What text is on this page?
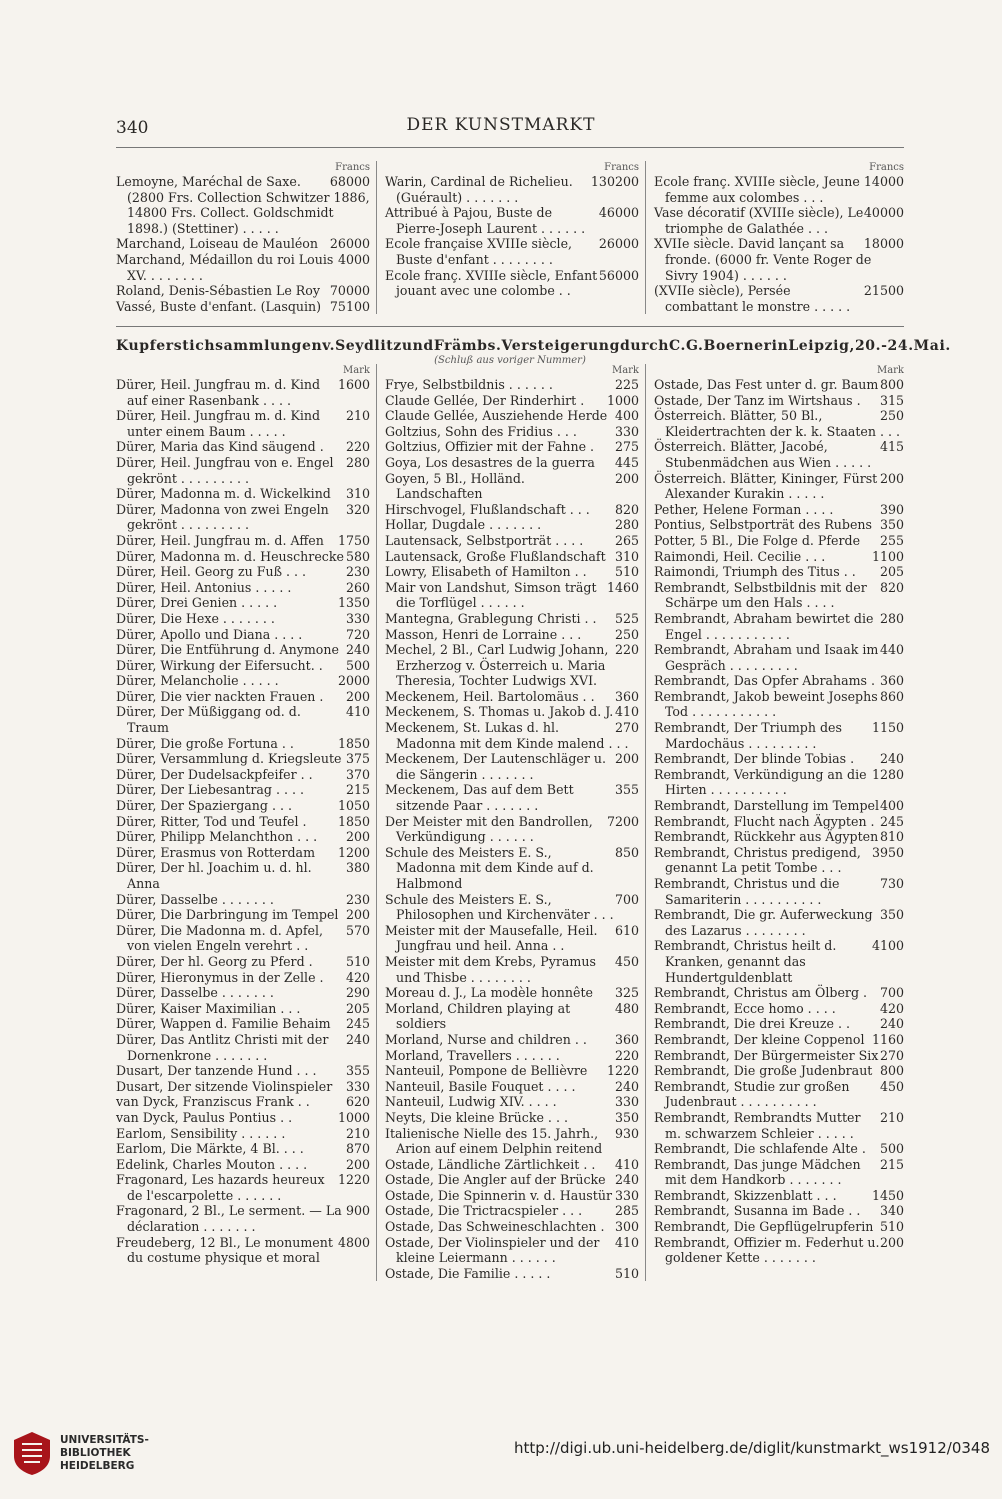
340	DER KUNSTMARKT
Francs
68000
Lemoyne, Maréchal de Saxe. (2800 Frs. Collection Schwitzer 1886, 14800 Frs. Collect. Goldschmidt 1898.) (Stettiner) . . . . .
26000
Marchand, Loiseau de Mauléon
4000
Marchand, Médaillon du roi Louis XV. . . . . . . .
70000
Roland, Denis-Sébastien Le Roy
75100
Vassé, Buste d'enfant. (Lasquin)
Francs
130200
Warin, Cardinal de Richelieu. (Guérault) . . . . . . .
46000
Attribué à Pajou, Buste de Pierre-Joseph Laurent . . . . . .
26000
Ecole française XVIIIe siècle, Buste d'enfant . . . . . . . .
56000
Ecole franç. XVIIIe siècle, Enfant jouant avec une colombe . .
Francs
14000
Ecole franç. XVIIIe siècle, Jeune femme aux colombes . . .
40000
Vase décoratif (XVIIIe siècle), Le triomphe de Galathée . . .
18000
XVIIe siècle. David lançant sa fronde. (6000 fr. Vente Roger de Sivry 1904) . . . . . .
21500
(XVIIe siècle), Persée combattant le monstre . . . . .
Kupferstichsammlungen v. Seydlitz und Främbs. Versteigerung durch C.G.Boerner in Leipzig, 20.-24.Mai.
(Schluß aus voriger Nummer)
Mark
1600
Dürer, Heil. Jungfrau m. d. Kind auf einer Rasenbank . . . .
210
Dürer, Heil. Jungfrau m. d. Kind unter einem Baum . . . . .
220
Dürer, Maria das Kind säugend .
280
Dürer, Heil. Jungfrau von e. Engel gekrönt . . . . . . . . .
310
Dürer, Madonna m. d. Wickelkind
320
Dürer, Madonna von zwei Engeln gekrönt . . . . . . . . .
1750
Dürer, Heil. Jungfrau m. d. Affen
580
Dürer, Madonna m. d. Heuschrecke
230
Dürer, Heil. Georg zu Fuß . . .
260
Dürer, Heil. Antonius . . . . .
1350
Dürer, Drei Genien . . . . .
330
Dürer, Die Hexe . . . . . . .
720
Dürer, Apollo und Diana . . . .
240
Dürer, Die Entführung d. Anymone
500
Dürer, Wirkung der Eifersucht. .
2000
Dürer, Melancholie . . . . .
200
Dürer, Die vier nackten Frauen .
410
Dürer, Der Müßiggang od. d. Traum
1850
Dürer, Die große Fortuna . .
375
Dürer, Versammlung d. Kriegsleute
370
Dürer, Der Dudelsackpfeifer . .
215
Dürer, Der Liebesantrag . . . .
1050
Dürer, Der Spaziergang . . .
1850
Dürer, Ritter, Tod und Teufel .
200
Dürer, Philipp Melanchthon . . .
1200
Dürer, Erasmus von Rotterdam
380
Dürer, Der hl. Joachim u. d. hl. Anna
230
Dürer, Dasselbe . . . . . . .
200
Dürer, Die Darbringung im Tempel
570
Dürer, Die Madonna m. d. Apfel, von vielen Engeln verehrt . .
510
Dürer, Der hl. Georg zu Pferd .
420
Dürer, Hieronymus in der Zelle .
290
Dürer, Dasselbe . . . . . . .
205
Dürer, Kaiser Maximilian . . .
245
Dürer, Wappen d. Familie Behaim
240
Dürer, Das Antlitz Christi mit der Dornenkrone . . . . . . .
355
Dusart, Der tanzende Hund . . .
330
Dusart, Der sitzende Violinspieler
620
van Dyck, Franziscus Frank . .
1000
van Dyck, Paulus Pontius . .
210
Earlom, Sensibility . . . . . .
870
Earlom, Die Märkte, 4 Bl. . . .
200
Edelink, Charles Mouton . . . .
1220
Fragonard, Les hazards heureux de l'escarpolette . . . . . .
900
Fragonard, 2 Bl., Le serment. — La déclaration . . . . . . .
4800
Freudeberg, 12 Bl., Le monument du costume physique et moral
Mark
225
Frye, Selbstbildnis . . . . . .
1000
Claude Gellée, Der Rinderhirt .
400
Claude Gellée, Ausziehende Herde
330
Goltzius, Sohn des Fridius . . .
275
Goltzius, Offizier mit der Fahne .
445
Goya, Los desastres de la guerra
200
Goyen, 5 Bl., Holländ. Landschaften
820
Hirschvogel, Flußlandschaft . . .
280
Hollar, Dugdale . . . . . . .
265
Lautensack, Selbstporträt . . . .
310
Lautensack, Große Flußlandschaft
510
Lowry, Elisabeth of Hamilton . .
1460
Mair von Landshut, Simson trägt die Torflügel . . . . . .
525
Mantegna, Grablegung Christi . .
250
Masson, Henri de Lorraine . . .
220
Mechel, 2 Bl., Carl Ludwig Johann, Erzherzog v. Österreich u. Maria Theresia, Tochter Ludwigs XVI.
360
Meckenem, Heil. Bartolomäus . .
410
Meckenem, S. Thomas u. Jakob d. J.
270
Meckenem, St. Lukas d. hl. Madonna mit dem Kinde malend . . .
200
Meckenem, Der Lautenschläger u. die Sängerin . . . . . . .
355
Meckenem, Das auf dem Bett sitzende Paar . . . . . . .
7200
Der Meister mit den Bandrollen, Verkündigung . . . . . .
850
Schule des Meisters E. S., Madonna mit dem Kinde auf d. Halbmond
700
Schule des Meisters E. S., Philosophen und Kirchenväter . . .
610
Meister mit der Mausefalle, Heil. Jungfrau und heil. Anna . .
450
Meister mit dem Krebs, Pyramus und Thisbe . . . . . . . .
325
Moreau d. J., La modèle honnête
480
Morland, Children playing at soldiers
360
Morland, Nurse and children . .
220
Morland, Travellers . . . . . .
1220
Nanteuil, Pompone de Bellièvre
240
Nanteuil, Basile Fouquet . . . .
330
Nanteuil, Ludwig XIV. . . . .
350
Neyts, Die kleine Brücke . . .
930
Italienische Nielle des 15. Jahrh., Arion auf einem Delphin reitend
410
Ostade, Ländliche Zärtlichkeit . .
240
Ostade, Die Angler auf der Brücke
330
Ostade, Die Spinnerin v. d. Haustür
285
Ostade, Die Trictracspieler . . .
300
Ostade, Das Schweineschlachten .
410
Ostade, Der Violinspieler und der kleine Leiermann . . . . . .
510
Ostade, Die Familie . . . . .
Mark
800
Ostade, Das Fest unter d. gr. Baum
315
Ostade, Der Tanz im Wirtshaus .
250
Österreich. Blätter, 50 Bl., Kleidertrachten der k. k. Staaten . . .
415
Österreich. Blätter, Jacobé, Stubenmädchen aus Wien . . . . .
200
Österreich. Blätter, Kininger, Fürst Alexander Kurakin . . . . .
390
Pether, Helene Forman . . . .
350
Pontius, Selbstporträt des Rubens
255
Potter, 5 Bl., Die Folge d. Pferde
1100
Raimondi, Heil. Cecilie . . .
205
Raimondi, Triumph des Titus . .
820
Rembrandt, Selbstbildnis mit der Schärpe um den Hals . . . .
280
Rembrandt, Abraham bewirtet die Engel . . . . . . . . . . .
440
Rembrandt, Abraham und Isaak im Gespräch . . . . . . . . .
360
Rembrandt, Das Opfer Abrahams .
860
Rembrandt, Jakob beweint Josephs Tod . . . . . . . . . . .
1150
Rembrandt, Der Triumph des Mardochäus . . . . . . . . .
240
Rembrandt, Der blinde Tobias .
1280
Rembrandt, Verkündigung an die Hirten . . . . . . . . . .
400
Rembrandt, Darstellung im Tempel
245
Rembrandt, Flucht nach Ägypten .
810
Rembrandt, Rückkehr aus Ägypten
3950
Rembrandt, Christus predigend, genannt La petit Tombe . . .
730
Rembrandt, Christus und die Samariterin . . . . . . . . . .
350
Rembrandt, Die gr. Auferweckung des Lazarus . . . . . . . .
4100
Rembrandt, Christus heilt d. Kranken, genannt das Hundertguldenblatt
700
Rembrandt, Christus am Ölberg .
420
Rembrandt, Ecce homo . . . .
240
Rembrandt, Die drei Kreuze . .
1160
Rembrandt, Der kleine Coppenol
270
Rembrandt, Der Bürgermeister Six
800
Rembrandt, Die große Judenbraut
450
Rembrandt, Studie zur großen Judenbraut . . . . . . . . . .
210
Rembrandt, Rembrandts Mutter m. schwarzem Schleier . . . . .
500
Rembrandt, Die schlafende Alte .
215
Rembrandt, Das junge Mädchen mit dem Handkorb . . . . . . .
1450
Rembrandt, Skizzenblatt . . .
340
Rembrandt, Susanna im Bade . .
510
Rembrandt, Die Gepflügelrupferin
200
Rembrandt, Offizier m. Federhut u. goldener Kette . . . . . . .
UNIVERSITÄTS-
BIBLIOTHEK
HEIDELBERG
http://digi.ub.uni-heidelberg.de/diglit/kunstmarkt_ws1912/0348
